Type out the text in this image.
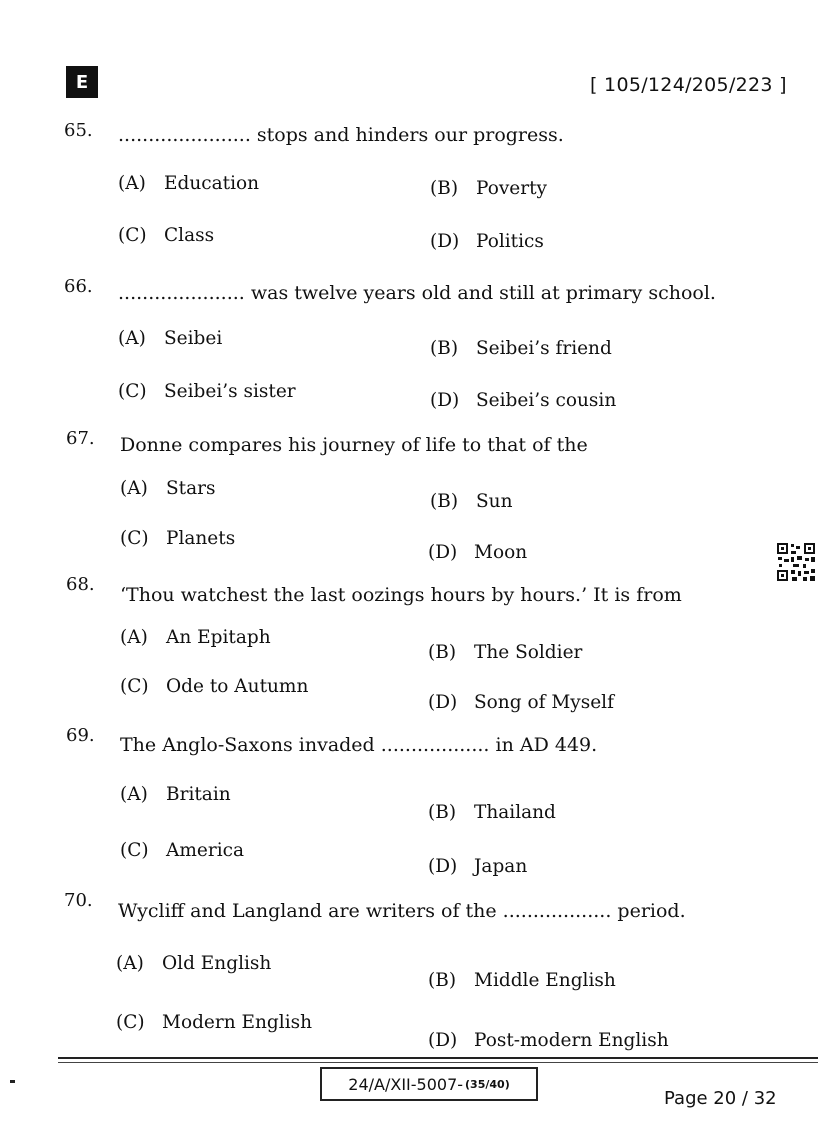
E	[ 105/124/205/223 ]
65. ...................... stops and hinders our progress.
(A) Education	(B) Poverty
(C) Class	(D) Politics
66. ..................... was twelve years old and still at primary school.
(A) Seibei	(B) Seibei’s friend
(C) Seibei’s sister	(D) Seibei’s cousin
67. Donne compares his journey of life to that of the
(A) Stars
(B) Sun
(C) Planets
(D) Moon
68. ‘Thou watchest the last oozings hours by hours.’ It is from
(A) An Epitaph
(B) The Soldier
(C) Ode to Autumn
(D) Song of Myself
69. The Anglo-Saxons invaded .................. in AD 449.
(A) Britain
(B) Thailand
(C) America
(D) Japan
70. Wycliff and Langland are writers of the .................. period.
(A) Old English
(B) Middle English
(C) Modern English
(D) Post-modern English
24/A/XII-5007- (35/40)
Page 20 / 32
